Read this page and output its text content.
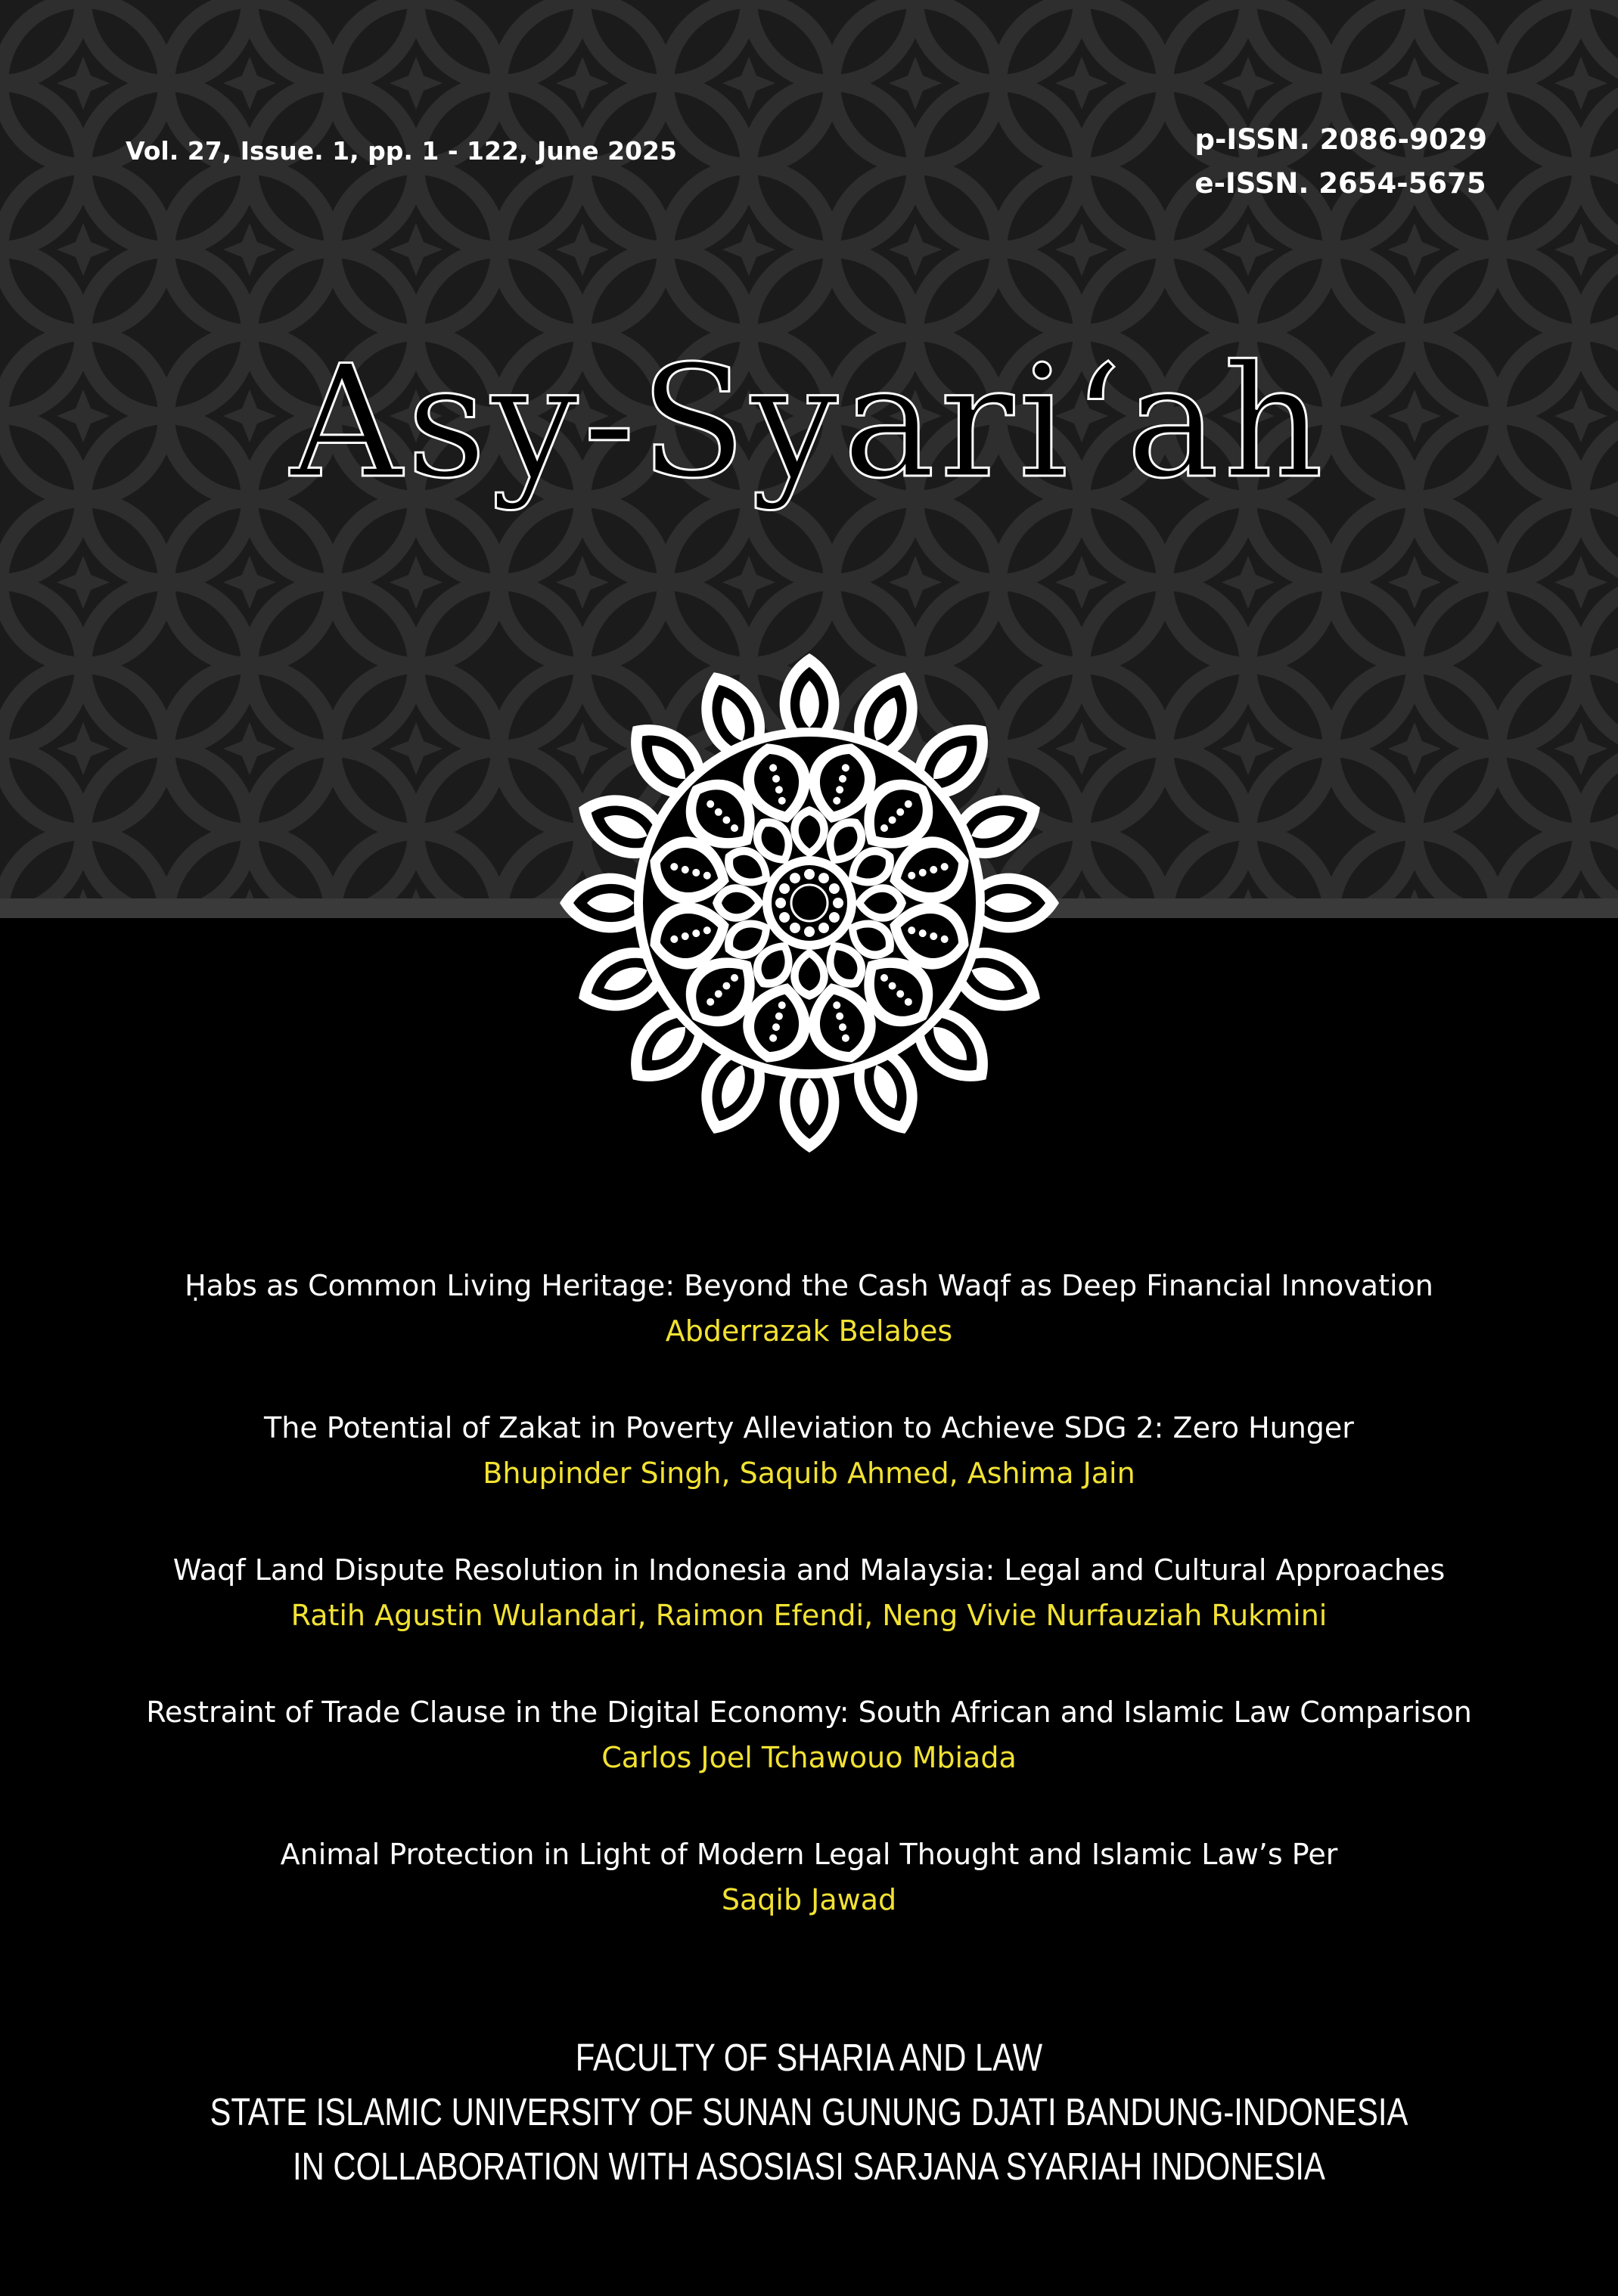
Vol. 27, Issue. 1, pp. 1 - 122, June 2025	p-ISSN. 2086-9029
e-ISSN. 2654-5675
Asy-Syari‘ah
Ḥabs as Common Living Heritage: Beyond the Cash Waqf as Deep Financial Innovation
Abderrazak Belabes
The Potential of Zakat in Poverty Alleviation to Achieve SDG 2: Zero Hunger
Bhupinder Singh, Saquib Ahmed, Ashima Jain
Waqf Land Dispute Resolution in Indonesia and Malaysia: Legal and Cultural Approaches
Ratih Agustin Wulandari, Raimon Efendi, Neng Vivie Nurfauziah Rukmini
Restraint of Trade Clause in the Digital Economy: South African and Islamic Law Comparison
Carlos Joel Tchawouo Mbiada
Animal Protection in Light of Modern Legal Thought and Islamic Law’s Per
Saqib Jawad
FACULTY OF SHARIA AND LAW
STATE ISLAMIC UNIVERSITY OF SUNAN GUNUNG DJATI BANDUNG-INDONESIA
IN COLLABORATION WITH ASOSIASI SARJANA SYARIAH INDONESIA
